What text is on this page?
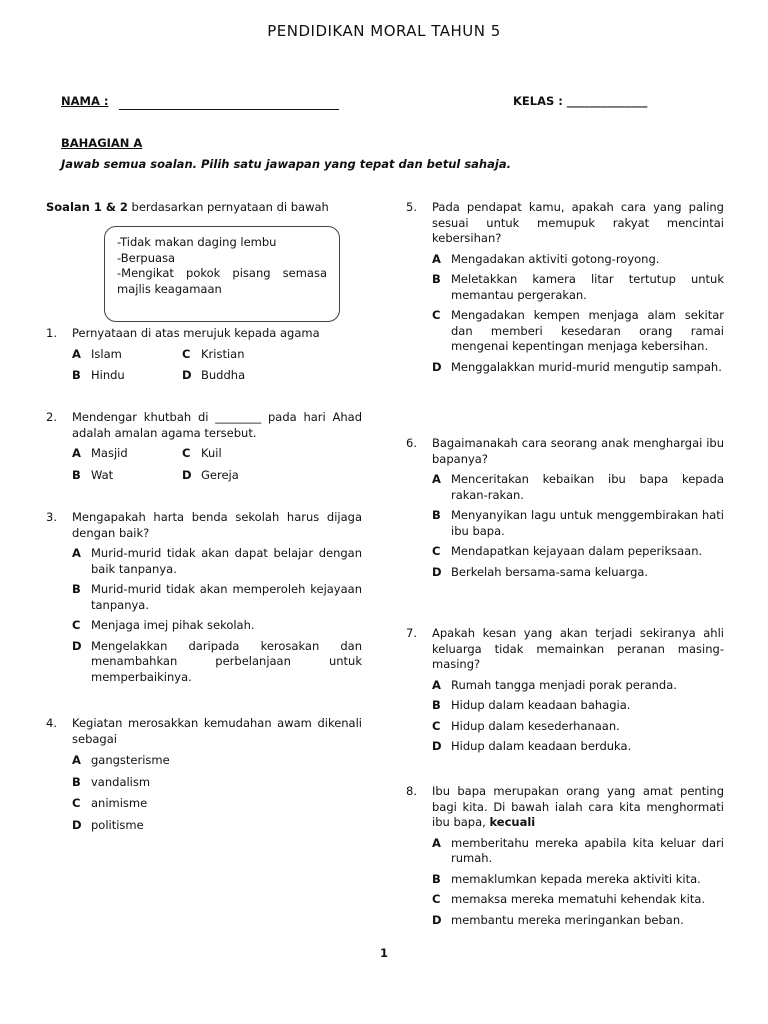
PENDIDIKAN MORAL TAHUN 5
NAMA :	KELAS : ______________
BAHAGIAN A
Jawab semua soalan. Pilih satu jawapan yang tepat dan betul sahaja.
Soalan 1 & 2 berdasarkan pernyataan di bawah
-Tidak makan daging lembu
-Berpuasa
-Mengikat pokok pisang semasa majlis keagamaan
1. Pernyataan di atas merujuk kepada agama
A Islam	C Kristian
B Hindu	D Buddha
2. Mendengar khutbah di ________ pada hari Ahad adalah amalan agama tersebut.
A Masjid	C Kuil
B Wat	D Gereja
3. Mengapakah harta benda sekolah harus dijaga dengan baik?
A Murid-murid tidak akan dapat belajar dengan baik tanpanya.
B Murid-murid tidak akan memperoleh kejayaan tanpanya.
C Menjaga imej pihak sekolah.
D Mengelakkan daripada kerosakan dan menambahkan perbelanjaan untuk memperbaikinya.
4. Kegiatan merosakkan kemudahan awam dikenali sebagai
A gangsterisme
B vandalism
C animisme
D politisme
5. Pada pendapat kamu, apakah cara yang paling sesuai untuk memupuk rakyat mencintai kebersihan?
A Mengadakan aktiviti gotong-royong.
B Meletakkan kamera litar tertutup untuk memantau pergerakan.
C Mengadakan kempen menjaga alam sekitar dan memberi kesedaran orang ramai mengenai kepentingan menjaga kebersihan.
D Menggalakkan murid-murid mengutip sampah.
6. Bagaimanakah cara seorang anak menghargai ibu bapanya?
A Menceritakan kebaikan ibu bapa kepada rakan-rakan.
B Menyanyikan lagu untuk menggembirakan hati ibu bapa.
C Mendapatkan kejayaan dalam peperiksaan.
D Berkelah bersama-sama keluarga.
7. Apakah kesan yang akan terjadi sekiranya ahli keluarga tidak memainkan peranan masing-masing?
A Rumah tangga menjadi porak peranda.
B Hidup dalam keadaan bahagia.
C Hidup dalam kesederhanaan.
D Hidup dalam keadaan berduka.
8. Ibu bapa merupakan orang yang amat penting bagi kita. Di bawah ialah cara kita menghormati ibu bapa, kecuali
A memberitahu mereka apabila kita keluar dari rumah.
B memaklumkan kepada mereka aktiviti kita.
C memaksa mereka mematuhi kehendak kita.
D membantu mereka meringankan beban.
1
